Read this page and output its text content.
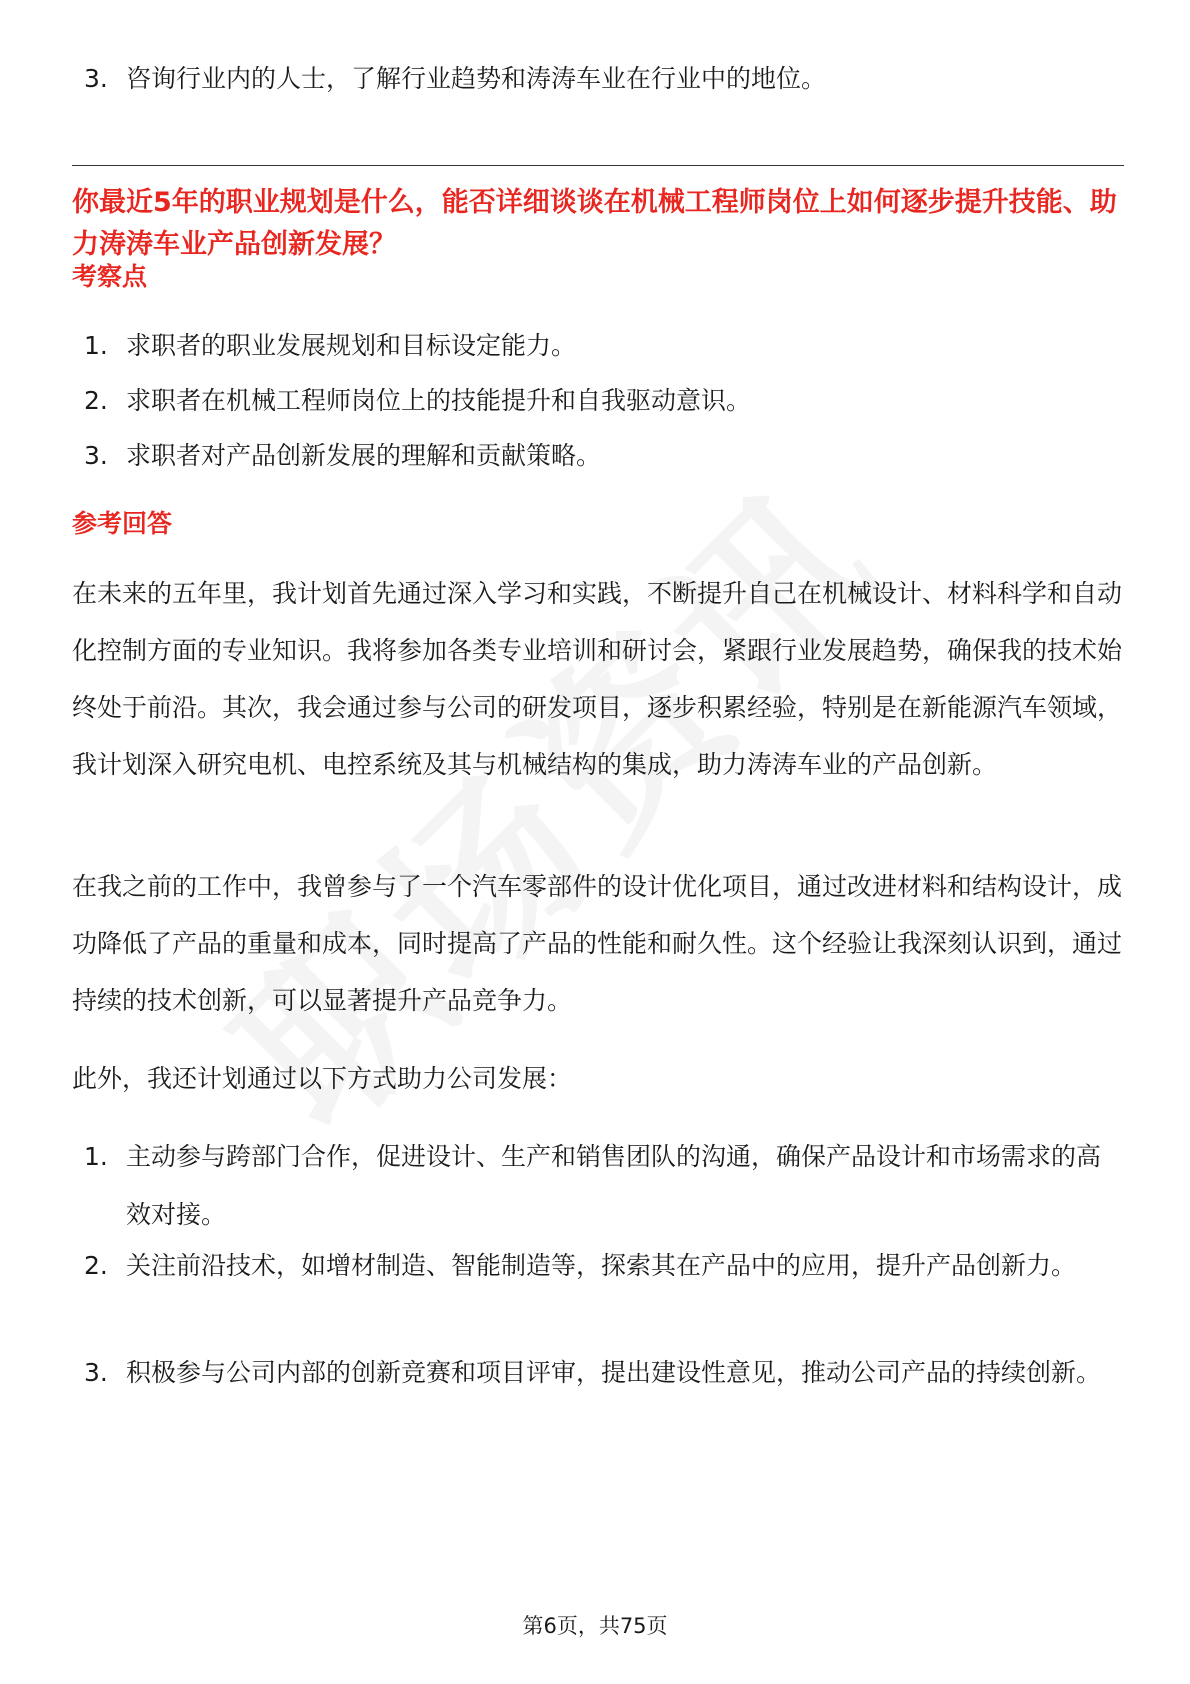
3. 咨询行业内的人士，了解行业趋势和涛涛车业在行业中的地位。
你最近5年的职业规划是什么，能否详细谈谈在机械工程师岗位上如何逐步提升技能、助力涛涛车业产品创新发展？
考察点
1. 求职者的职业发展规划和目标设定能力。
2. 求职者在机械工程师岗位上的技能提升和自我驱动意识。
3. 求职者对产品创新发展的理解和贡献策略。
参考回答
在未来的五年里，我计划首先通过深入学习和实践，不断提升自己在机械设计、材料科学和自动化控制方面的专业知识。我将参加各类专业培训和研讨会，紧跟行业发展趋势，确保我的技术始终处于前沿。其次，我会通过参与公司的研发项目，逐步积累经验，特别是在新能源汽车领域，我计划深入研究电机、电控系统及其与机械结构的集成，助力涛涛车业的产品创新。
在我之前的工作中，我曾参与了一个汽车零部件的设计优化项目，通过改进材料和结构设计，成功降低了产品的重量和成本，同时提高了产品的性能和耐久性。这个经验让我深刻认识到，通过持续的技术创新，可以显著提升产品竞争力。
此外，我还计划通过以下方式助力公司发展：
1. 主动参与跨部门合作，促进设计、生产和销售团队的沟通，确保产品设计和市场需求的高效对接。
2. 关注前沿技术，如增材制造、智能制造等，探索其在产品中的应用，提升产品创新力。
3. 积极参与公司内部的创新竞赛和项目评审，提出建设性意见，推动公司产品的持续创新。
第6页，共75页
